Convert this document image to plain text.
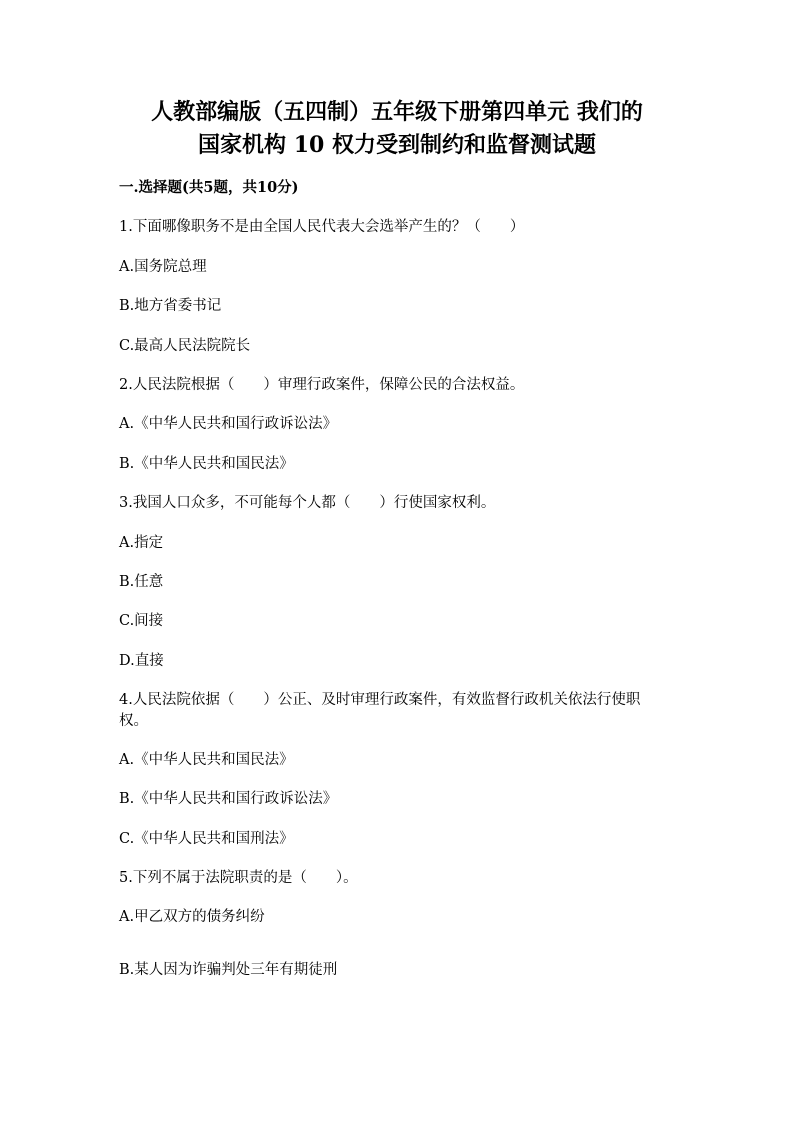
人教部编版（五四制）五年级下册第四单元 我们的
国家机构 10 权力受到制约和监督测试题
一.选择题(共5题，共10分)
1.下面哪像职务不是由全国人民代表大会选举产生的？（　　）
A.国务院总理
B.地方省委书记
C.最高人民法院院长
2.人民法院根据（　　）审理行政案件，保障公民的合法权益。
A.《中华人民共和国行政诉讼法》
B.《中华人民共和国民法》
3.我国人口众多，不可能每个人都（　　）行使国家权利。
A.指定
B.任意
C.间接
D.直接
4.人民法院依据（　　）公正、及时审理行政案件，有效监督行政机关依法行使职权。
A.《中华人民共和国民法》
B.《中华人民共和国行政诉讼法》
C.《中华人民共和国刑法》
5.下列不属于法院职责的是（　　）。
A.甲乙双方的债务纠纷
B.某人因为诈骗判处三年有期徒刑
